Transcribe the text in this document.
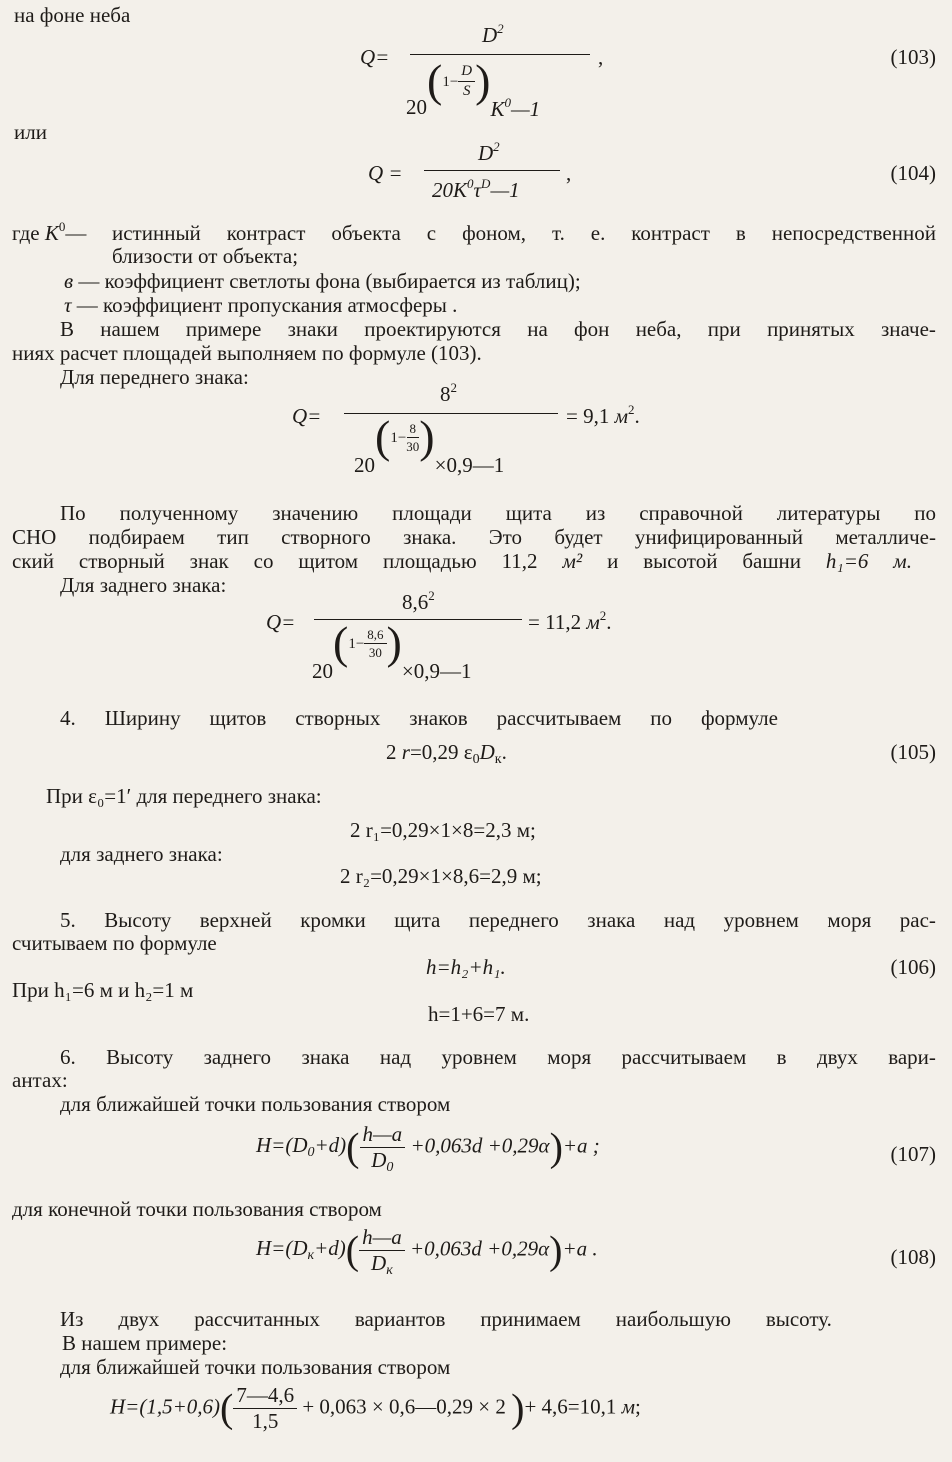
на фоне неба
Q=
$D^2$
$20(1- \frac{D}{S}$ )$K^0—1$
,	(103)
или
Q =
$D^2$
$20K^0\tau^D—1$
,	(104)
где $K^0—$ истинный контраст объекта с фоном, т. е. контраст в непосредственной
близости от объекта;
в — коэффициент светлоты фона (выбирается из таблиц);
τ — коэффициент пропускания атмосферы .
В нашем примере знаки проектируются на фон неба, при принятых значе-
ниях расчет площадей выполняем по формуле (103).
Для переднего знака:
Q=
$8^2$
$20(1- \frac{8}{30}$ )×0,9—1
= 9,1 $м^2$.
По полученному значению площади щита из справочной литературы по
СНО подбираем тип створного знака. Это будет унифицированный металличе-
ский створный знак со щитом площадью 11,2 м² и высотой башни h₁=6 м.
Для заднего знака:
Q=
$8,6^2$
$20(1- \frac{8,6}{30}$ )×0,9—1
= 11,2 $м^2$.
4. Ширину щитов створных знаков рассчитываем по формуле
2 r=0,29 $\varepsilon_0D_к$.	(105)
При ε₀=1′ для переднего знака:
2 r₁=0,29×1×8=2,3 м;
для заднего знака:
2 r₂=0,29×1×8,6=2,9 м;
5. Высоту верхней кромки щита переднего знака над уровнем моря рас-
считываем по формуле
h=h₂+h₁.	(106)
При h₁=6 м и h₂=1 м
h=1+6=7 м.
6. Высоту заднего знака над уровнем моря рассчитываем в двух вари-
антах:
для ближайшей точки пользования створом
$H=(D_0+d)( \frac{h—a}{D_0} +0,063d +0,29\alpha)+a$ ;	(107)
для конечной точки пользования створом
$H=(D_к+d)( \frac{h—a}{D_к} +0,063d +0,29\alpha)+a$ .	(108)
Из двух рассчитанных вариантов принимаем наибольшую высоту.
В нашем примере:
для ближайшей точки пользования створом
$H=(1,5+0,6)( \frac{7—4,6}{1,5} + 0,063$ × 0,6—0,29 × 2 )+ 4,6=10,1 м;
